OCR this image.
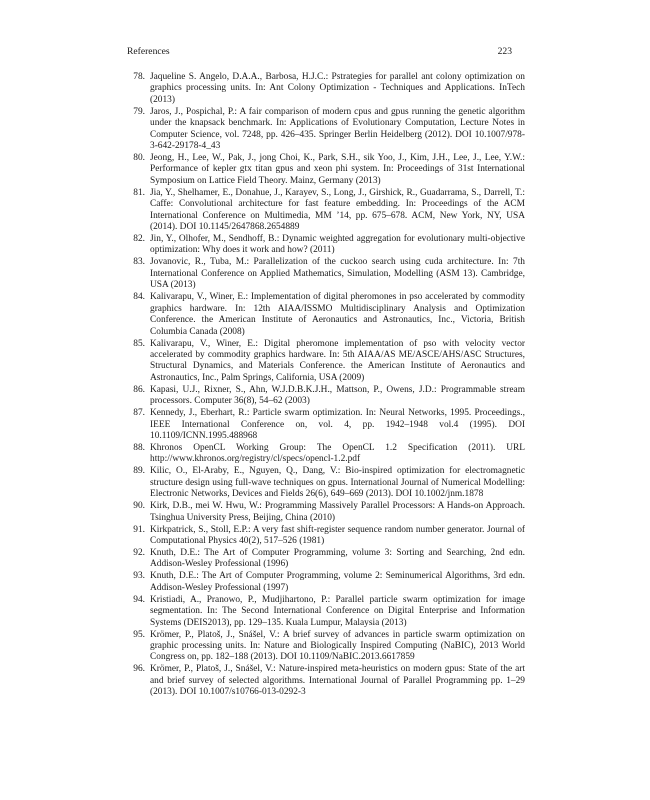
References	223
78. Jaqueline S. Angelo, D.A.A., Barbosa, H.J.C.: Pstrategies for parallel ant colony optimization on graphics processing units. In: Ant Colony Optimization - Techniques and Applications. InTech (2013)
79. Jaros, J., Pospichal, P.: A fair comparison of modern cpus and gpus running the genetic algorithm under the knapsack benchmark. In: Applications of Evolutionary Computation, Lecture Notes in Computer Science, vol. 7248, pp. 426–435. Springer Berlin Heidelberg (2012). DOI 10.1007/978-3-642-29178-4_43
80. Jeong, H., Lee, W., Pak, J., jong Choi, K., Park, S.H., sik Yoo, J., Kim, J.H., Lee, J., Lee, Y.W.: Performance of kepler gtx titan gpus and xeon phi system. In: Proceedings of 31st International Symposium on Lattice Field Theory. Mainz, Germany (2013)
81. Jia, Y., Shelhamer, E., Donahue, J., Karayev, S., Long, J., Girshick, R., Guadarrama, S., Darrell, T.: Caffe: Convolutional architecture for fast feature embedding. In: Proceedings of the ACM International Conference on Multimedia, MM ’14, pp. 675–678. ACM, New York, NY, USA (2014). DOI 10.1145/2647868.2654889
82. Jin, Y., Olhofer, M., Sendhoff, B.: Dynamic weighted aggregation for evolutionary multi-objective optimization: Why does it work and how? (2011)
83. Jovanovic, R., Tuba, M.: Parallelization of the cuckoo search using cuda architecture. In: 7th International Conference on Applied Mathematics, Simulation, Modelling (ASM 13). Cambridge, USA (2013)
84. Kalivarapu, V., Winer, E.: Implementation of digital pheromones in pso accelerated by commodity graphics hardware. In: 12th AIAA/ISSMO Multidisciplinary Analysis and Optimization Conference. the American Institute of Aeronautics and Astronautics, Inc., Victoria, British Columbia Canada (2008)
85. Kalivarapu, V., Winer, E.: Digital pheromone implementation of pso with velocity vector accelerated by commodity graphics hardware. In: 5th AIAA/AS ME/ASCE/AHS/ASC Structures, Structural Dynamics, and Materials Conference. the American Institute of Aeronautics and Astronautics, Inc., Palm Springs, California, USA (2009)
86. Kapasi, U.J., Rixner, S., Ahn, W.J.D.B.K.J.H., Mattson, P., Owens, J.D.: Programmable stream processors. Computer 36(8), 54–62 (2003)
87. Kennedy, J., Eberhart, R.: Particle swarm optimization. In: Neural Networks, 1995. Proceedings., IEEE International Conference on, vol. 4, pp. 1942–1948 vol.4 (1995). DOI 10.1109/ICNN.1995.488968
88. Khronos OpenCL Working Group: The OpenCL 1.2 Specification (2011). URL http://www.khronos.org/registry/cl/specs/opencl-1.2.pdf
89. Kilic, O., El-Araby, E., Nguyen, Q., Dang, V.: Bio-inspired optimization for electromagnetic structure design using full-wave techniques on gpus. International Journal of Numerical Modelling: Electronic Networks, Devices and Fields 26(6), 649–669 (2013). DOI 10.1002/jnm.1878
90. Kirk, D.B., mei W. Hwu, W.: Programming Massively Parallel Processors: A Hands-on Approach. Tsinghua University Press, Beijing, China (2010)
91. Kirkpatrick, S., Stoll, E.P.: A very fast shift-register sequence random number generator. Journal of Computational Physics 40(2), 517–526 (1981)
92. Knuth, D.E.: The Art of Computer Programming, volume 3: Sorting and Searching, 2nd edn. Addison-Wesley Professional (1996)
93. Knuth, D.E.: The Art of Computer Programming, volume 2: Seminumerical Algorithms, 3rd edn. Addison-Wesley Professional (1997)
94. Kristiadi, A., Pranowo, P., Mudjihartono, P.: Parallel particle swarm optimization for image segmentation. In: The Second International Conference on Digital Enterprise and Information Systems (DEIS2013), pp. 129–135. Kuala Lumpur, Malaysia (2013)
95. Krömer, P., Platoš, J., Snášel, V.: A brief survey of advances in particle swarm optimization on graphic processing units. In: Nature and Biologically Inspired Computing (NaBIC), 2013 World Congress on, pp. 182–188 (2013). DOI 10.1109/NaBIC.2013.6617859
96. Krömer, P., Platoš, J., Snášel, V.: Nature-inspired meta-heuristics on modern gpus: State of the art and brief survey of selected algorithms. International Journal of Parallel Programming pp. 1–29 (2013). DOI 10.1007/s10766-013-0292-3
